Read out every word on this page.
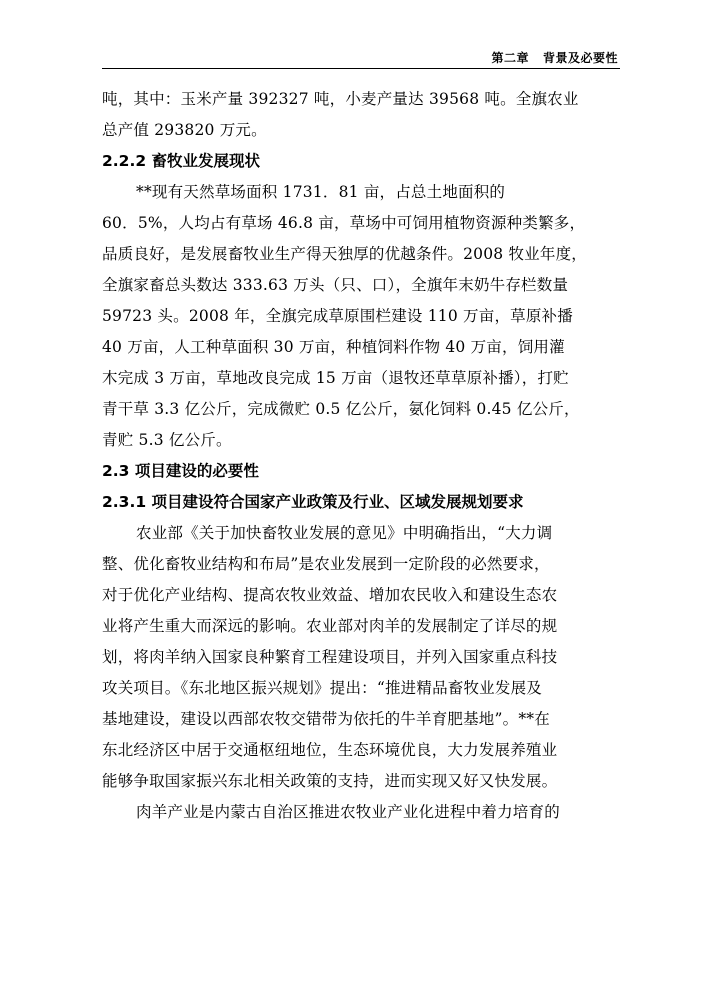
第二章   背景及必要性
吨，其中：玉米产量 392327 吨，小麦产量达 39568 吨。全旗农业
总产值 293820 万元。
2.2.2 畜牧业发展现状
**现有天然草场面积 1731．81 亩，占总土地面积的
60．5%，人均占有草场 46.8 亩，草场中可饲用植物资源种类繁多，
品质良好，是发展畜牧业生产得天独厚的优越条件。2008 牧业年度，
全旗家畜总头数达 333.63 万头（只、口），全旗年末奶牛存栏数量
59723 头。2008 年，全旗完成草原围栏建设 110 万亩，草原补播
40 万亩，人工种草面积 30 万亩，种植饲料作物 40 万亩，饲用灌
木完成 3 万亩，草地改良完成 15 万亩（退牧还草草原补播），打贮
青干草 3.3 亿公斤，完成微贮 0.5 亿公斤，氨化饲料 0.45 亿公斤，
青贮 5.3 亿公斤。
2.3 项目建设的必要性
2.3.1 项目建设符合国家产业政策及行业、区域发展规划要求
农业部《关于加快畜牧业发展的意见》中明确指出，“大力调
整、优化畜牧业结构和布局”是农业发展到一定阶段的必然要求，
对于优化产业结构、提高农牧业效益、增加农民收入和建设生态农
业将产生重大而深远的影响。农业部对肉羊的发展制定了详尽的规
划，将肉羊纳入国家良种繁育工程建设项目，并列入国家重点科技
攻关项目。《东北地区振兴规划》提出：“推进精品畜牧业发展及
基地建设，建设以西部农牧交错带为依托的牛羊育肥基地”。**在
东北经济区中居于交通枢纽地位，生态环境优良，大力发展养殖业
能够争取国家振兴东北相关政策的支持，进而实现又好又快发展。
肉羊产业是内蒙古自治区推进农牧业产业化进程中着力培育的
